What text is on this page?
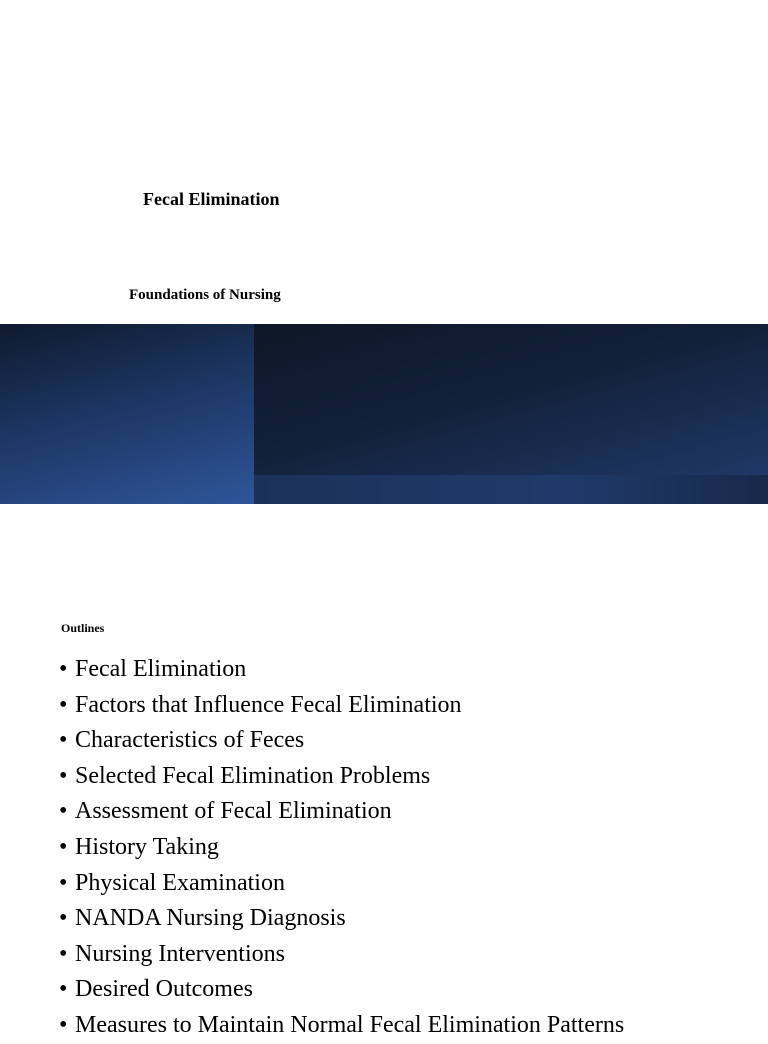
Fecal Elimination
Foundations of Nursing
Outlines
• Fecal Elimination
• Factors that Influence Fecal Elimination
• Characteristics of Feces
• Selected Fecal Elimination Problems
• Assessment of Fecal Elimination
• History Taking
• Physical Examination
• NANDA Nursing Diagnosis
• Nursing Interventions
• Desired Outcomes
• Measures to Maintain Normal Fecal Elimination Patterns
